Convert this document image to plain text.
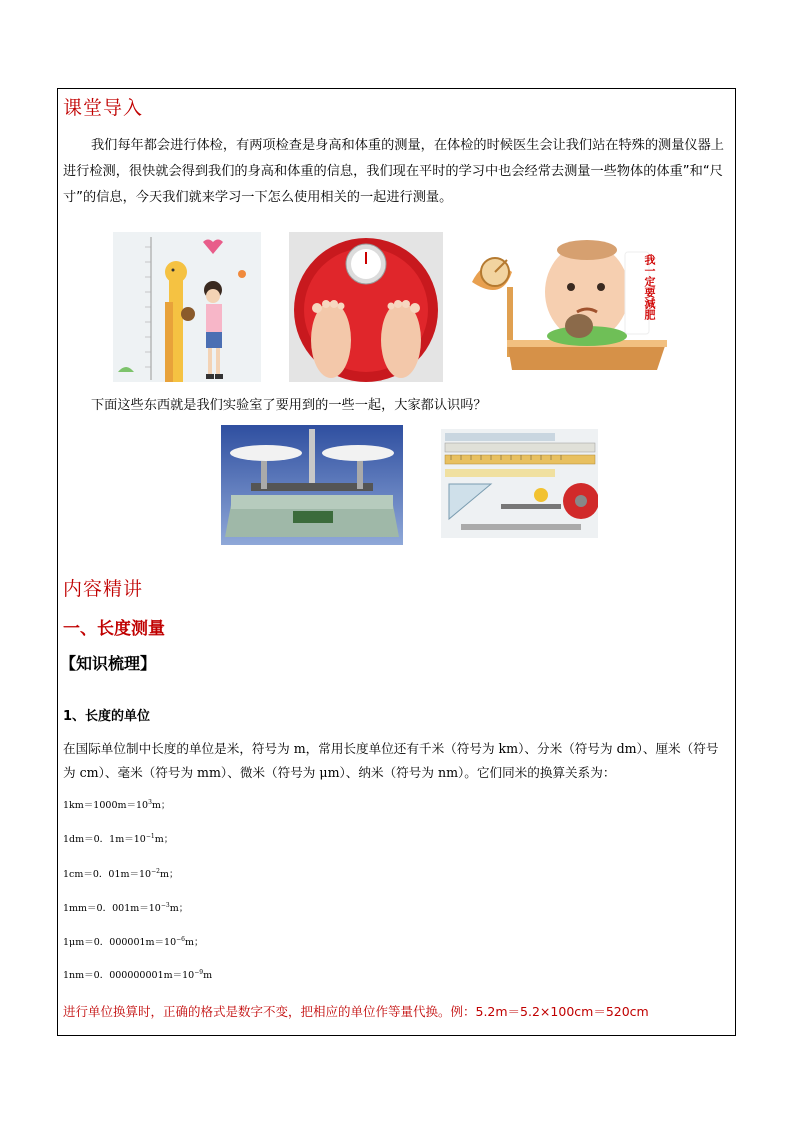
课堂导入
我们每年都会进行体检，有两项检查是身高和体重的测量，在体检的时候医生会让我们站在特殊的测量仪器上进行检测，很快就会得到我们的身高和体重的信息，我们现在平时的学习中也会经常去测量一些物体的体重”和“尺寸”的信息，今天我们就来学习一下怎么使用相关的一起进行测量。
我一定要減肥
下面这些东西就是我们实验室了要用到的一些一起，大家都认识吗？
内容精讲
一、长度测量
【知识梳理】
1、长度的单位
在国际单位制中长度的单位是米，符号为 m，常用长度单位还有千米（符号为 km）、分米（符号为 dm）、厘米（符号为 cm）、毫米（符号为 mm）、微米（符号为 μm）、纳米（符号为 nm）。它们同米的换算关系为：
$1km=1000m=10^3m$；
1dm＝0．$1m=10^{-1}m$；
1cm＝0．$01m=10^{-2}m$；
1mm＝0．$001m=10^{-3}m$；
1μm＝0．$000001m=10^{-6}m$；
1nm＝0．$000000001m=10^{-9}m$
进行单位换算时，正确的格式是数字不变，把相应的单位作等量代换。例：5.2m＝5.2×100cm＝520cm
